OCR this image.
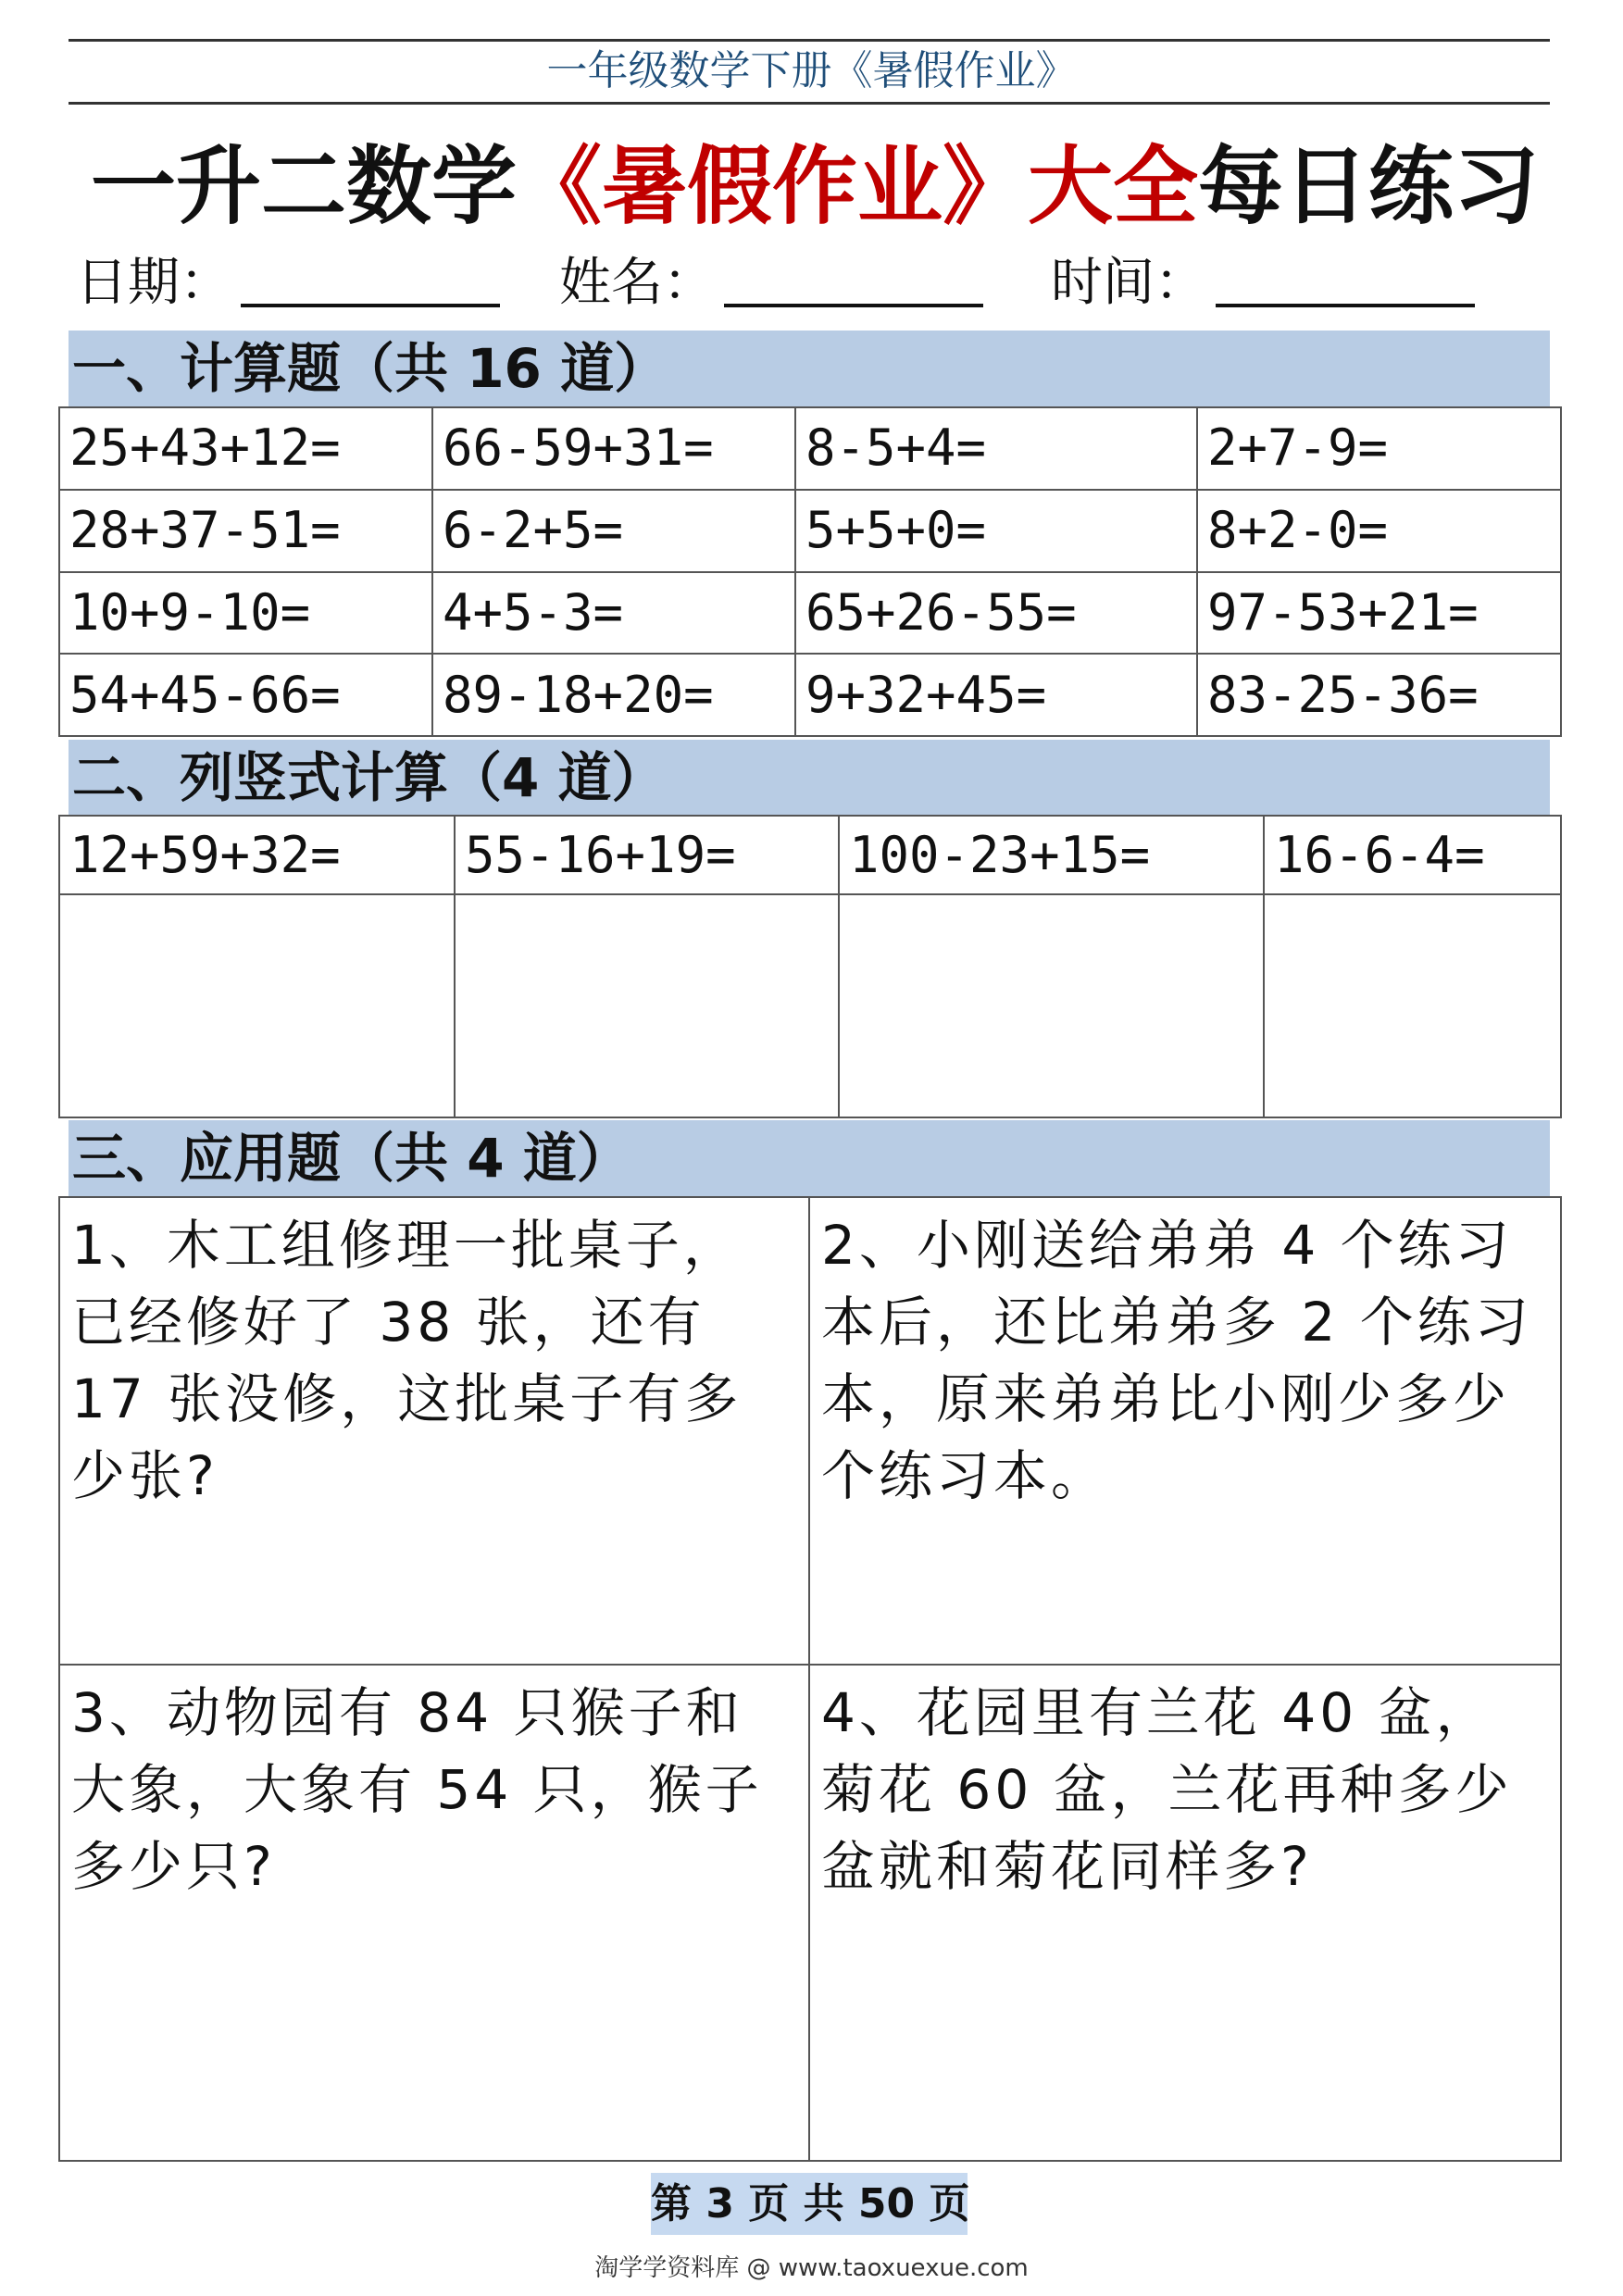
一年级数学下册《暑假作业》
一升二数学《暑假作业》大全每日练习
日期：	姓名：	时间：
一、计算题（共 16 道）
25+43+12=	66-59+31=	8-5+4=	2+7-9=
28+37-51=	6-2+5=	5+5+0=	8+2-0=
10+9-10=	4+5-3=	65+26-55=	97-53+21=
54+45-66=	89-18+20=	9+32+45=	83-25-36=
二、列竖式计算（4 道）
12+59+32=	55-16+19=	100-23+15=	16-6-4=

三、应用题（共 4 道）
1、木工组修理一批桌子，已经修好了 38 张，还有 17 张没修，这批桌子有多少张?	2、小刚送给弟弟 4 个练习本后，还比弟弟多 2 个练习本，原来弟弟比小刚少多少个练习本。
3、动物园有 84 只猴子和大象，大象有 54 只，猴子多少只?	4、花园里有兰花 40 盆，菊花 60 盆，兰花再种多少盆就和菊花同样多?
第 3 页 共 50 页
淘学学资料库 @ www.taoxuexue.com
